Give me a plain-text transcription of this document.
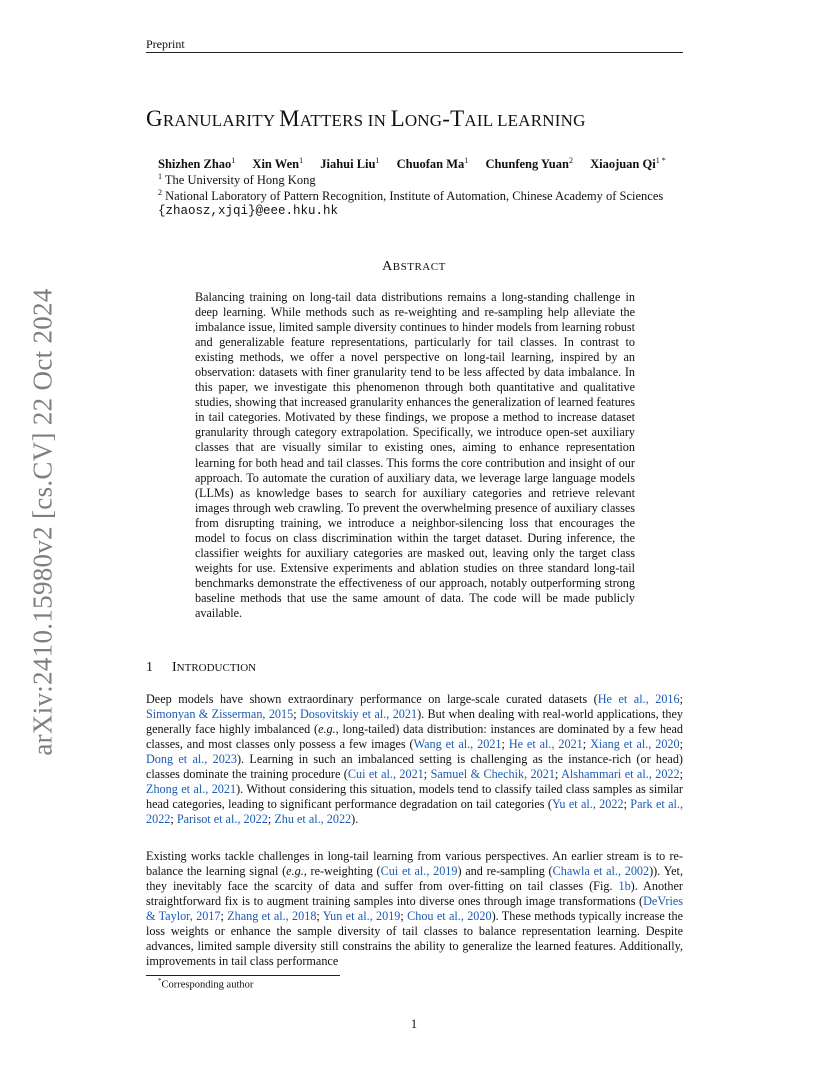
Preprint
arXiv:2410.15980v2 [cs.CV] 22 Oct 2024
GRANULARITY MATTERS IN LONG-TAIL LEARNING
Shizhen Zhao$^1$ Xin Wen$^1$ Jiahui Liu$^1$ Chuofan Ma$^1$ Chunfeng Yuan$^2$ Xiaojuan $Qi^{1 *}$
$^1$ The University of Hong Kong
$^2$ National Laboratory of Pattern Recognition, Institute of Automation, Chinese Academy of Sciences
{zhaosz,xjqi}@eee.hku.hk
ABSTRACT
Balancing training on long-tail data distributions remains a long-standing challenge in deep learning. While methods such as re-weighting and re-sampling help alleviate the imbalance issue, limited sample diversity continues to hinder models from learning robust and generalizable feature representations, particularly for tail classes. In contrast to existing methods, we offer a novel perspective on long-tail learning, inspired by an observation: datasets with finer granularity tend to be less affected by data imbalance. In this paper, we investigate this phenomenon through both quantitative and qualitative studies, showing that increased granularity enhances the generalization of learned features in tail categories. Motivated by these findings, we propose a method to increase dataset granularity through category extrapolation. Specifically, we introduce open-set auxiliary classes that are visually similar to existing ones, aiming to enhance representation learning for both head and tail classes. This forms the core contribution and insight of our approach. To automate the curation of auxiliary data, we leverage large language models (LLMs) as knowledge bases to search for auxiliary categories and retrieve relevant images through web crawling. To prevent the overwhelming presence of auxiliary classes from disrupting training, we introduce a neighbor-silencing loss that encourages the model to focus on class discrimination within the target dataset. During inference, the classifier weights for auxiliary categories are masked out, leaving only the target class weights for use. Extensive experiments and ablation studies on three standard long-tail benchmarks demonstrate the effectiveness of our approach, notably outperforming strong baseline methods that use the same amount of data. The code will be made publicly available.
1 INTRODUCTION
Deep models have shown extraordinary performance on large-scale curated datasets (He et al., 2016; Simonyan & Zisserman, 2015; Dosovitskiy et al., 2021). But when dealing with real-world applications, they generally face highly imbalanced (e.g., long-tailed) data distribution: instances are dominated by a few head classes, and most classes only possess a few images (Wang et al., 2021; He et al., 2021; Xiang et al., 2020; Dong et al., 2023). Learning in such an imbalanced setting is challenging as the instance-rich (or head) classes dominate the training procedure (Cui et al., 2021; Samuel & Chechik, 2021; Alshammari et al., 2022; Zhong et al., 2021). Without considering this situation, models tend to classify tailed class samples as similar head categories, leading to significant performance degradation on tail categories (Yu et al., 2022; Park et al., 2022; Parisot et al., 2022; Zhu et al., 2022).
Existing works tackle challenges in long-tail learning from various perspectives. An earlier stream is to re-balance the learning signal (e.g., re-weighting (Cui et al., 2019) and re-sampling (Chawla et al., 2002)). Yet, they inevitably face the scarcity of data and suffer from over-fitting on tail classes (Fig. 1b). Another straightforward fix is to augment training samples into diverse ones through image transformations (DeVries & Taylor, 2017; Zhang et al., 2018; Yun et al., 2019; Chou et al., 2020). These methods typically increase the loss weights or enhance the sample diversity of tail classes to balance representation learning. Despite advances, limited sample diversity still constrains the ability to generalize the learned features. Additionally, improvements in tail class performance
*Corresponding author
1
